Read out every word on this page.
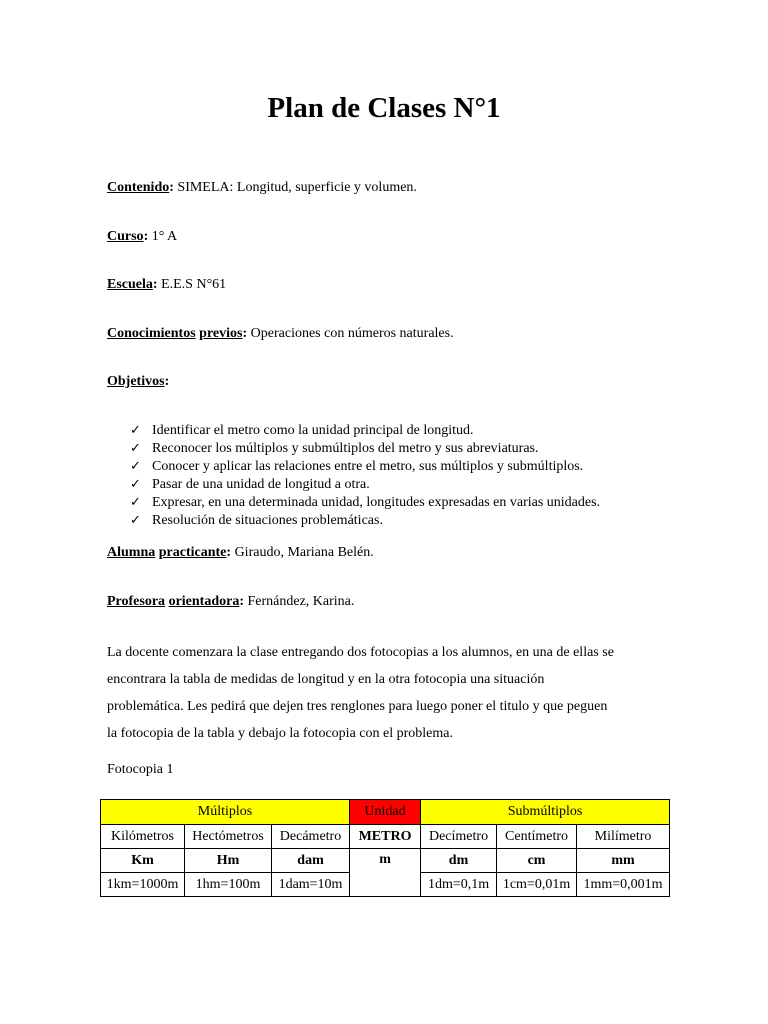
Plan de Clases N°1
Contenido: SIMELA: Longitud, superficie y volumen.
Curso: 1° A
Escuela: E.E.S N°61
Conocimientos previos: Operaciones con números naturales.
Objetivos:
✓ Identificar el metro como la unidad principal de longitud.
✓ Reconocer los múltiplos y submúltiplos del metro y sus abreviaturas.
✓ Conocer y aplicar las relaciones entre el metro, sus múltiplos y submúltiplos.
✓ Pasar de una unidad de longitud a otra.
✓ Expresar, en una determinada unidad, longitudes expresadas en varias unidades.
✓ Resolución de situaciones problemáticas.
Alumna practicante: Giraudo, Mariana Belén.
Profesora orientadora: Fernández, Karina.
La docente comenzara la clase entregando dos fotocopias a los alumnos, en una de ellas se
encontrara la tabla de medidas de longitud y en la otra fotocopia una situación
problemática. Les pedirá que dejen tres renglones para luego poner el titulo y que peguen
la fotocopia de la tabla y debajo la fotocopia con el problema.
Fotocopia 1
Múltiplos			Unidad	Submúltiplos		
Kilómetros	Hectómetros	Decámetro	METRO	Decímetro	Centímetro	Milímetro
Km	Hm	dam	m	dm	cm	mm
1km=1000m	1hm=100m	1dam=10m		1dm=0,1m	1cm=0,01m	1mm=0,001m
